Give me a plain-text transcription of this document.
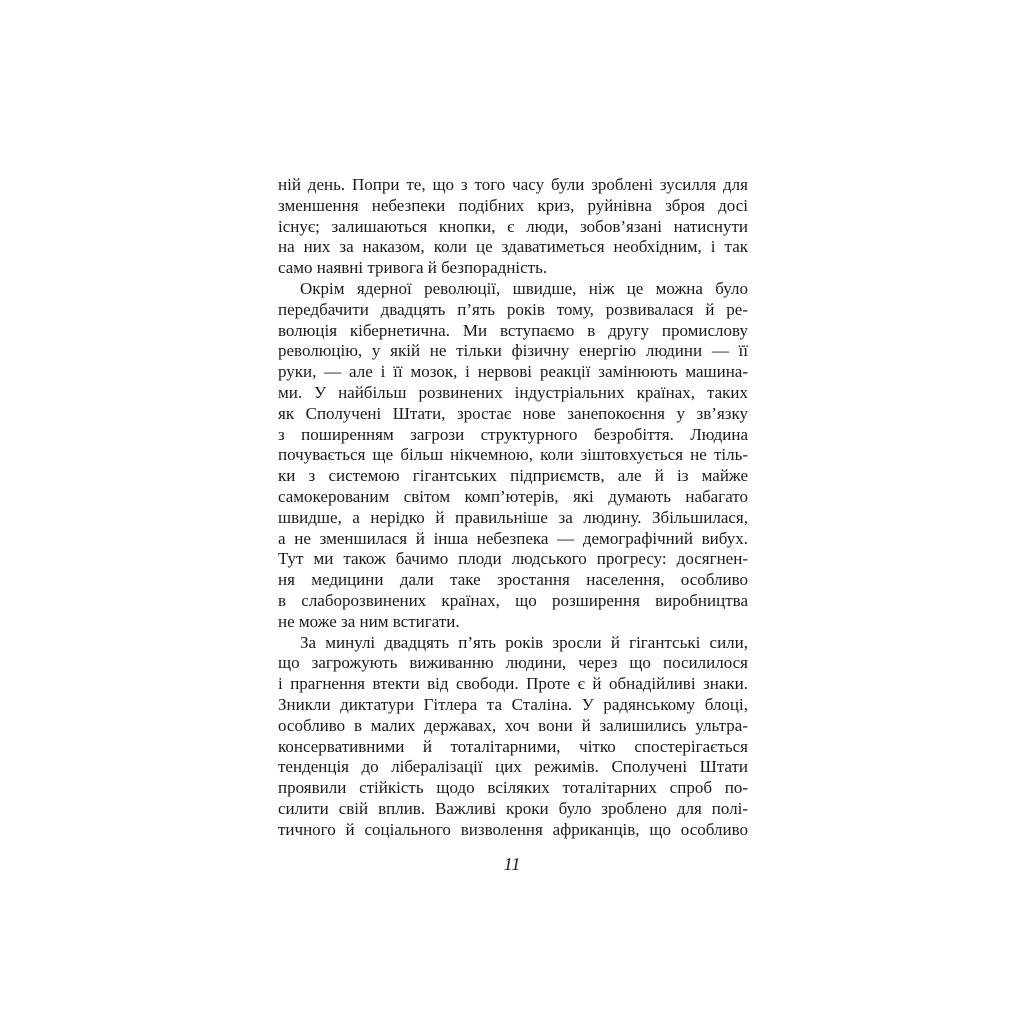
ній день. Попри те, що з того часу були зроблені зусилля для
зменшення небезпеки подібних криз, руйнівна зброя досі
існує; залишаються кнопки, є люди, зобов’язані натиснути
на них за наказом, коли це здаватиметься необхідним, і так
само наявні тривога й безпорадність.
Окрім ядерної революції, швидше, ніж це можна було
передбачити двадцять п’ять років тому, розвивалася й ре-
волюція кібернетична. Ми вступаємо в другу промислову
революцію, у якій не тільки фізичну енергію людини — її
руки, — але і її мозок, і нервові реакції замінюють машина-
ми. У найбільш розвинених індустріальних країнах, таких
як Сполучені Штати, зростає нове занепокоєння у зв’язку
з поширенням загрози структурного безробіття. Людина
почувається ще більш нікчемною, коли зіштовхується не тіль-
ки з системою гігантських підприємств, але й із майже
самокерованим світом комп’ютерів, які думають набагато
швидше, а нерідко й правильніше за людину. Збільшилася,
а не зменшилася й інша небезпека — демографічний вибух.
Тут ми також бачимо плоди людського прогресу: досягнен-
ня медицини дали таке зростання населення, особливо
в слаборозвинених країнах, що розширення виробництва
не може за ним встигати.
За минулі двадцять п’ять років зросли й гігантські сили,
що загрожують виживанню людини, через що посилилося
і прагнення втекти від свободи. Проте є й обнадійливі знаки.
Зникли диктатури Гітлера та Сталіна. У радянському блоці,
особливо в малих державах, хоч вони й залишились ультра-
консервативними й тоталітарними, чітко спостерігається
тенденція до лібералізації цих режимів. Сполучені Штати
проявили стійкість щодо всіляких тоталітарних спроб по-
силити свій вплив. Важливі кроки було зроблено для полі-
тичного й соціального визволення африканців, що особливо
11
